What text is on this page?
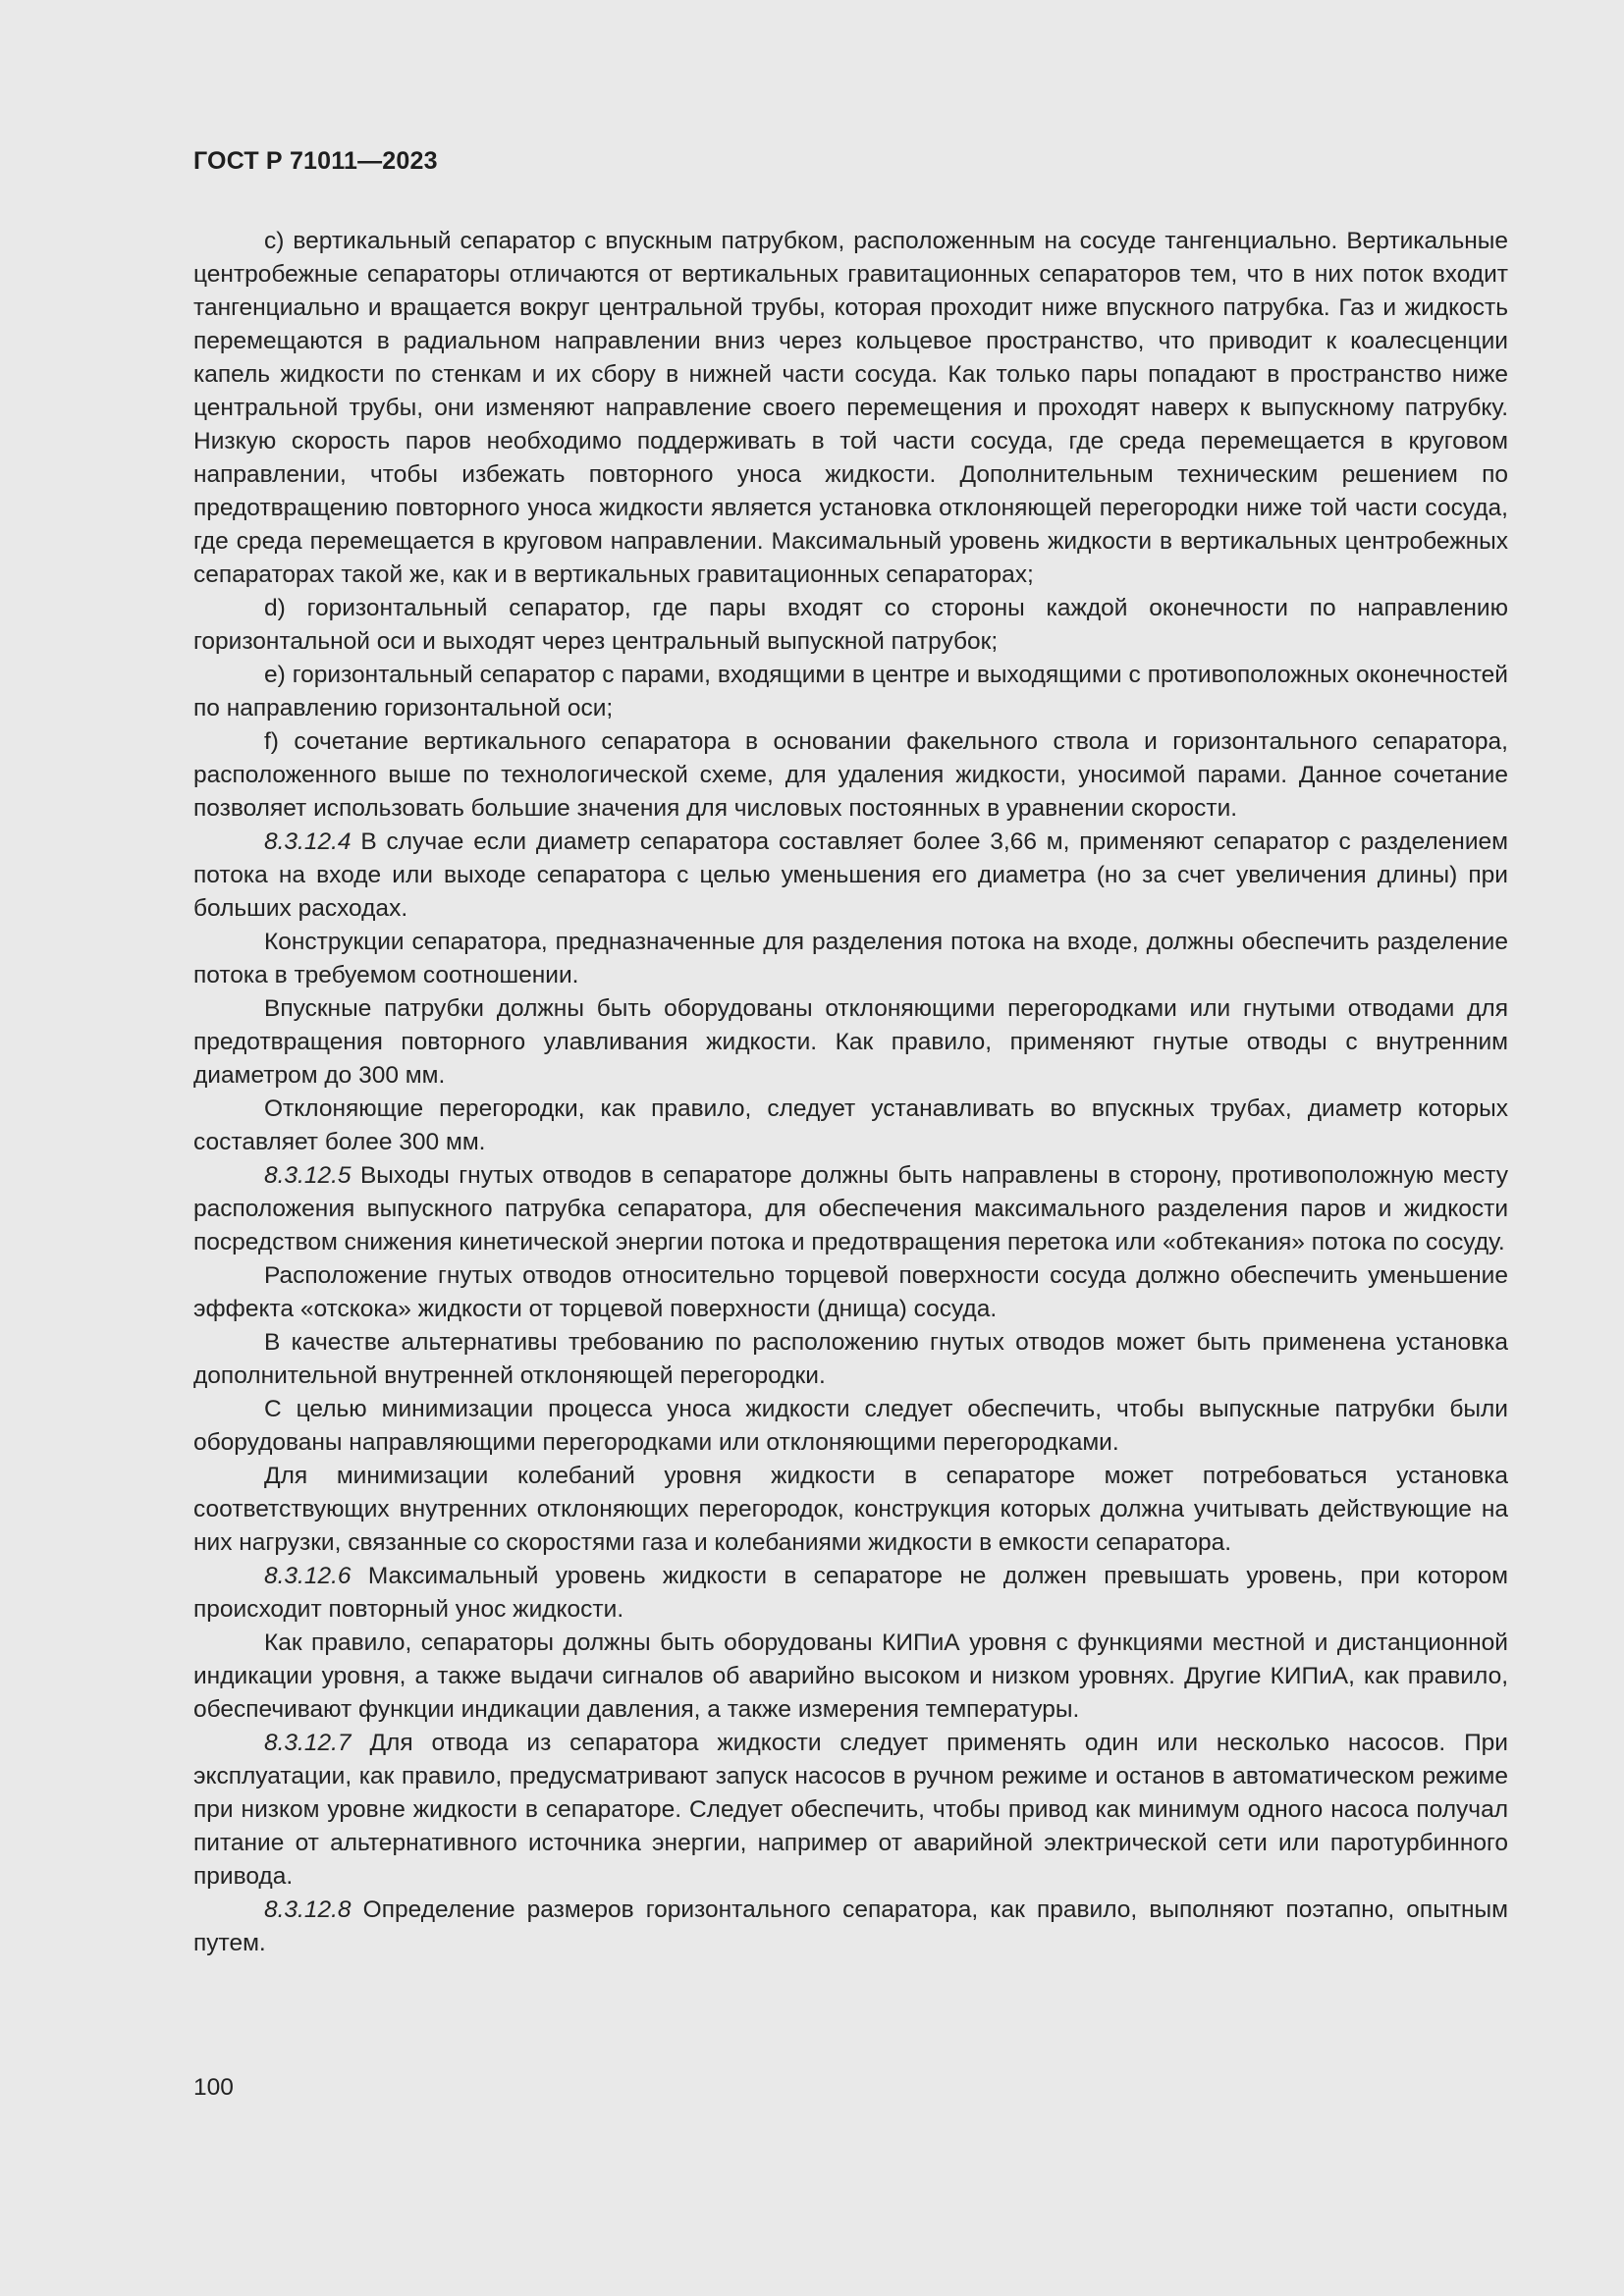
ГОСТ Р 71011—2023

c) вертикальный сепаратор с впускным патрубком, расположенным на сосуде тангенциально. Вертикальные центробежные сепараторы отличаются от вертикальных гравитационных сепараторов тем, что в них поток входит тангенциально и вращается вокруг центральной трубы, которая проходит ниже впускного патрубка. Газ и жидкость перемещаются в радиальном направлении вниз через кольцевое пространство, что приводит к коалесценции капель жидкости по стенкам и их сбору в нижней части сосуда. Как только пары попадают в пространство ниже центральной трубы, они изменяют направление своего перемещения и проходят наверх к выпускному патрубку. Низкую скорость паров необходимо поддерживать в той части сосуда, где среда перемещается в круговом направлении, чтобы избежать повторного уноса жидкости. Дополнительным техническим решением по предотвращению повторного уноса жидкости является установка отклоняющей перегородки ниже той части сосуда, где среда перемещается в круговом направлении. Максимальный уровень жидкости в вертикальных центробежных сепараторах такой же, как и в вертикальных гравитационных сепараторах;

d) горизонтальный сепаратор, где пары входят со стороны каждой оконечности по направлению горизонтальной оси и выходят через центральный выпускной патрубок;

e) горизонтальный сепаратор с парами, входящими в центре и выходящими с противоположных оконечностей по направлению горизонтальной оси;

f) сочетание вертикального сепаратора в основании факельного ствола и горизонтального сепаратора, расположенного выше по технологической схеме, для удаления жидкости, уносимой парами. Данное сочетание позволяет использовать большие значения для числовых постоянных в уравнении скорости.

8.3.12.4 В случае если диаметр сепаратора составляет более 3,66 м, применяют сепаратор с разделением потока на входе или выходе сепаратора с целью уменьшения его диаметра (но за счет увеличения длины) при больших расходах.

Конструкции сепаратора, предназначенные для разделения потока на входе, должны обеспечить разделение потока в требуемом соотношении.

Впускные патрубки должны быть оборудованы отклоняющими перегородками или гнутыми отводами для предотвращения повторного улавливания жидкости. Как правило, применяют гнутые отводы с внутренним диаметром до 300 мм.

Отклоняющие перегородки, как правило, следует устанавливать во впускных трубах, диаметр которых составляет более 300 мм.

8.3.12.5 Выходы гнутых отводов в сепараторе должны быть направлены в сторону, противоположную месту расположения выпускного патрубка сепаратора, для обеспечения максимального разделения паров и жидкости посредством снижения кинетической энергии потока и предотвращения перетока или «обтекания» потока по сосуду.

Расположение гнутых отводов относительно торцевой поверхности сосуда должно обеспечить уменьшение эффекта «отскока» жидкости от торцевой поверхности (днища) сосуда.

В качестве альтернативы требованию по расположению гнутых отводов может быть применена установка дополнительной внутренней отклоняющей перегородки.

С целью минимизации процесса уноса жидкости следует обеспечить, чтобы выпускные патрубки были оборудованы направляющими перегородками или отклоняющими перегородками.

Для минимизации колебаний уровня жидкости в сепараторе может потребоваться установка соответствующих внутренних отклоняющих перегородок, конструкция которых должна учитывать действующие на них нагрузки, связанные со скоростями газа и колебаниями жидкости в емкости сепаратора.

8.3.12.6 Максимальный уровень жидкости в сепараторе не должен превышать уровень, при котором происходит повторный унос жидкости.

Как правило, сепараторы должны быть оборудованы КИПиА уровня с функциями местной и дистанционной индикации уровня, а также выдачи сигналов об аварийно высоком и низком уровнях. Другие КИПиА, как правило, обеспечивают функции индикации давления, а также измерения температуры.

8.3.12.7 Для отвода из сепаратора жидкости следует применять один или несколько насосов. При эксплуатации, как правило, предусматривают запуск насосов в ручном режиме и останов в автоматическом режиме при низком уровне жидкости в сепараторе. Следует обеспечить, чтобы привод как минимум одного насоса получал питание от альтернативного источника энергии, например от аварийной электрической сети или паротурбинного привода.

8.3.12.8 Определение размеров горизонтального сепаратора, как правило, выполняют поэтапно, опытным путем.

100
